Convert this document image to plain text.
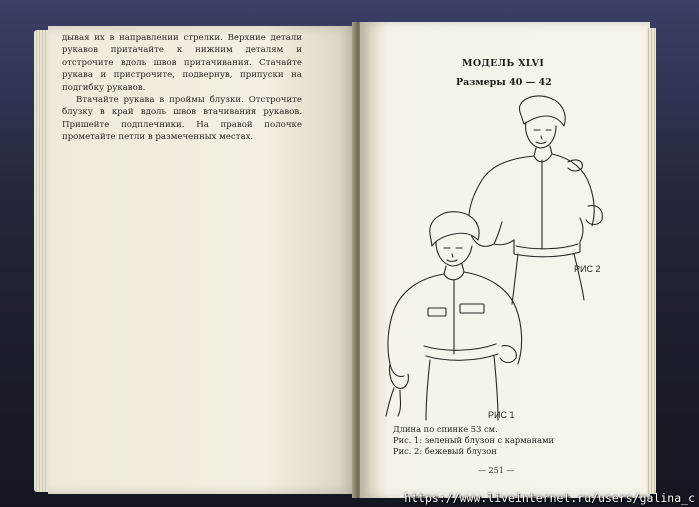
дывая их в направлении стрелки. Верхние детали рукавов притачайте к нижним деталям и отстрочите вдоль швов притачивания. Стачайте рукава и пристрочите, подвернув, припуски на подгибку рукавов.

Втачайте рукава в проймы блузки. Отстрочите блузку в край вдоль швов втачивания рукавов. Пришейте подплечники. На правой полочке прометайте петли в размеченных местах.

МОДЕЛЬ XLVI
Размеры 40 — 42
РИС 2
РИС 1
Длина по спинке 53 см.
Рис. 1: зеленый блузон с карманами
Рис. 2: бежевый блузон
— 251 —
https://www.liveinternet.ru/users/galina_c
